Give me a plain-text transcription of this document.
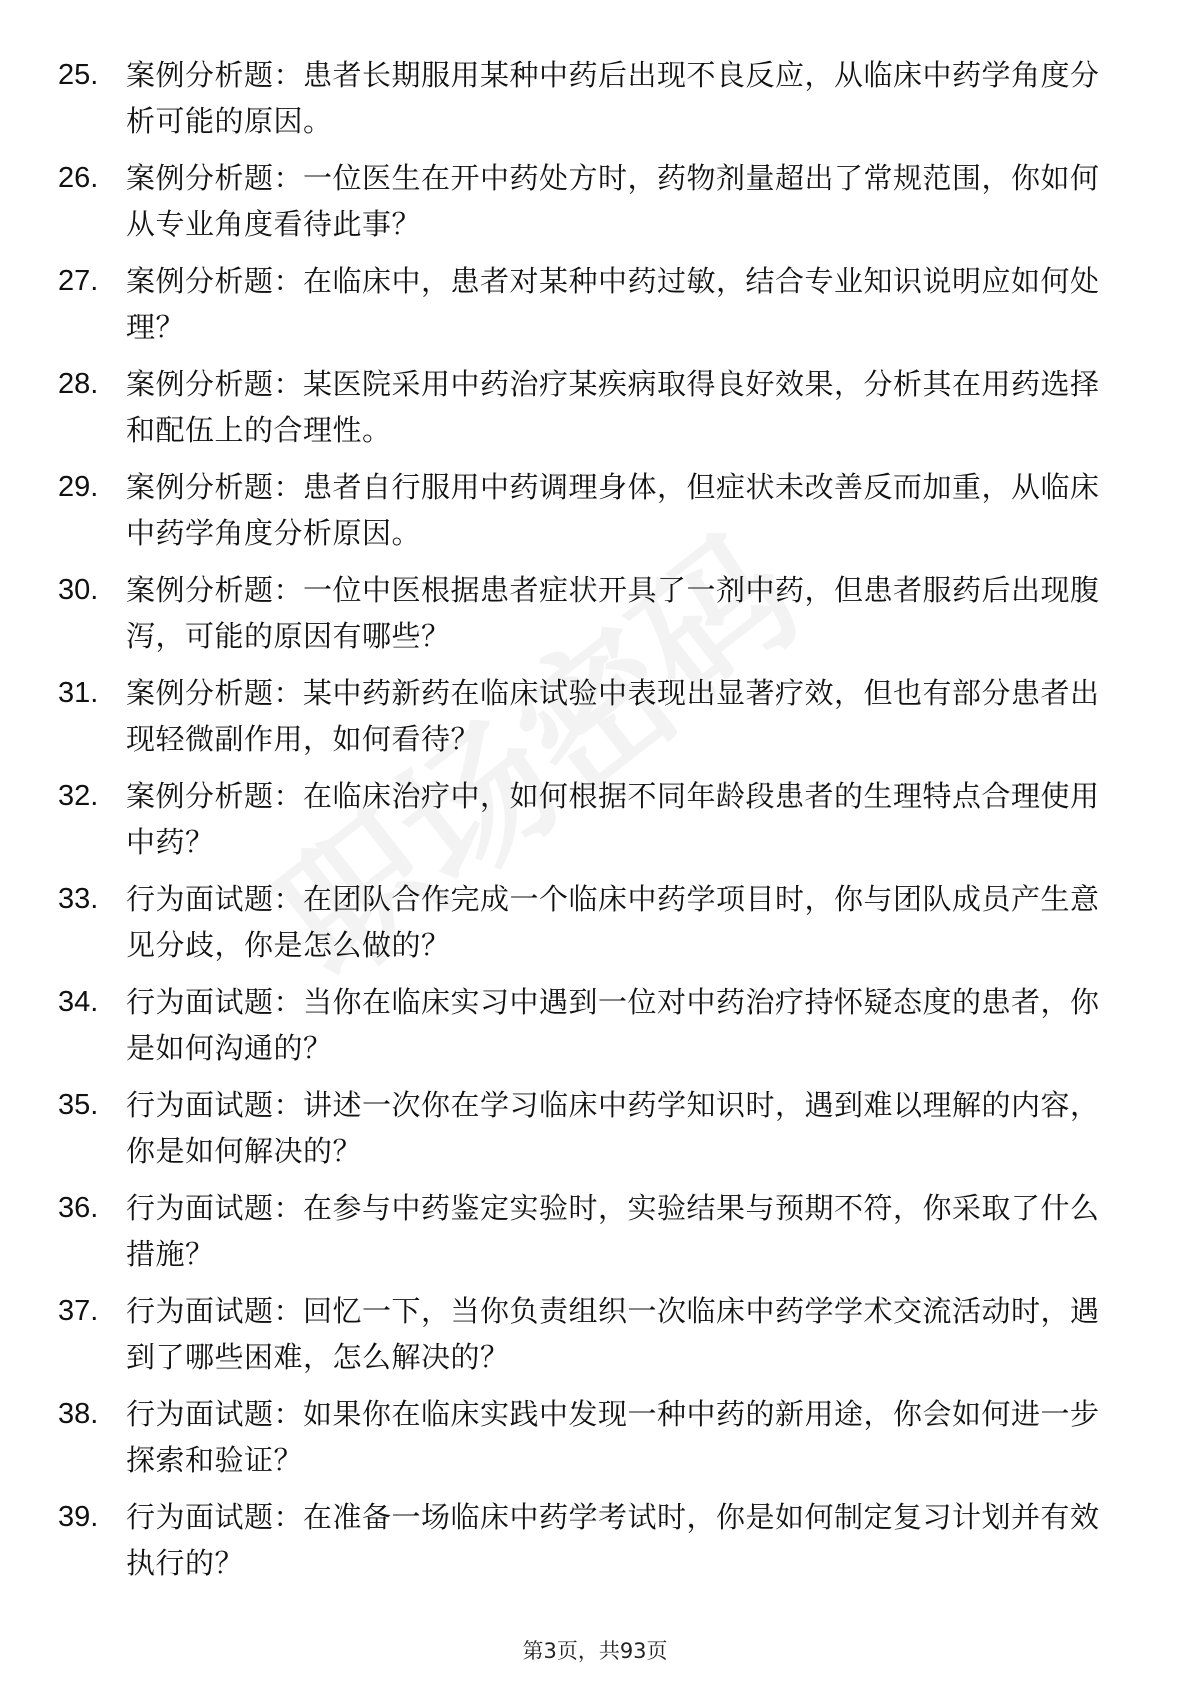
25. 案例分析题：患者长期服用某种中药后出现不良反应，从临床中药学角度分析可能的原因。
26. 案例分析题：一位医生在开中药处方时，药物剂量超出了常规范围，你如何从专业角度看待此事？
27. 案例分析题：在临床中，患者对某种中药过敏，结合专业知识说明应如何处理？
28. 案例分析题：某医院采用中药治疗某疾病取得良好效果，分析其在用药选择和配伍上的合理性。
29. 案例分析题：患者自行服用中药调理身体，但症状未改善反而加重，从临床中药学角度分析原因。
30. 案例分析题：一位中医根据患者症状开具了一剂中药，但患者服药后出现腹泻，可能的原因有哪些？
31. 案例分析题：某中药新药在临床试验中表现出显著疗效，但也有部分患者出现轻微副作用，如何看待？
32. 案例分析题：在临床治疗中，如何根据不同年龄段患者的生理特点合理使用中药？
33. 行为面试题：在团队合作完成一个临床中药学项目时，你与团队成员产生意见分歧，你是怎么做的？
34. 行为面试题：当你在临床实习中遇到一位对中药治疗持怀疑态度的患者，你是如何沟通的？
35. 行为面试题：讲述一次你在学习临床中药学知识时，遇到难以理解的内容，你是如何解决的？
36. 行为面试题：在参与中药鉴定实验时，实验结果与预期不符，你采取了什么措施？
37. 行为面试题：回忆一下，当你负责组织一次临床中药学学术交流活动时，遇到了哪些困难，怎么解决的？
38. 行为面试题：如果你在临床实践中发现一种中药的新用途，你会如何进一步探索和验证？
39. 行为面试题：在准备一场临床中药学考试时，你是如何制定复习计划并有效执行的？
第3页，共93页
